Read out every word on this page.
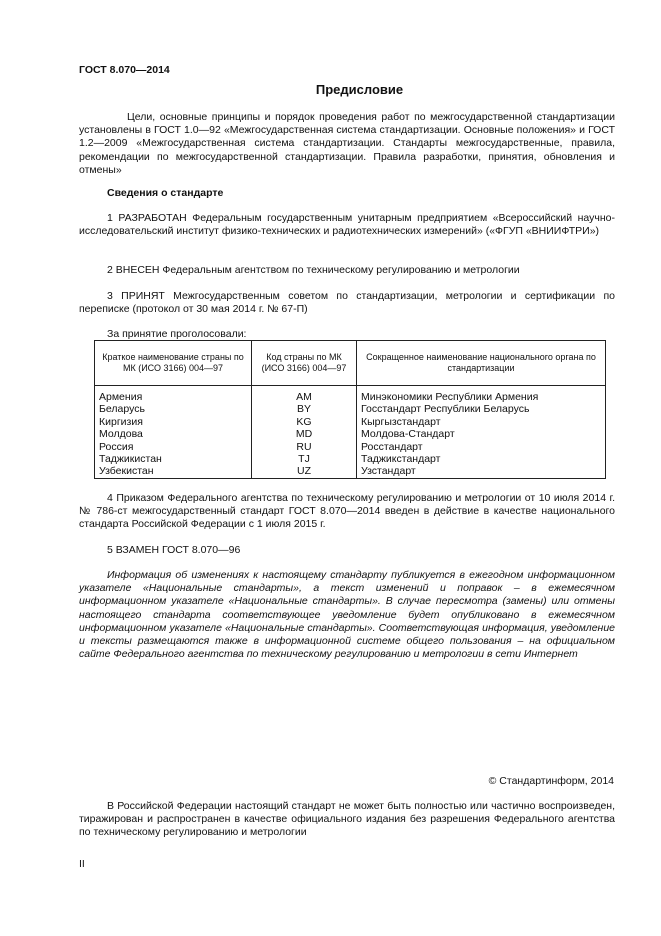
ГОСТ 8.070—2014
Предисловие
Цели, основные принципы и порядок проведения работ по межгосударственной стандартизации установлены в ГОСТ 1.0—92 «Межгосударственная система стандартизации. Основные положения» и ГОСТ 1.2—2009 «Межгосударственная система стандартизации. Стандарты межгосударственные, правила, рекомендации по межгосударственной стандартизации. Правила разработки, принятия, обновления и отмены»
Сведения о стандарте
1 РАЗРАБОТАН Федеральным государственным унитарным предприятием «Всероссийский научно-исследовательский институт физико-технических и радиотехнических измерений» («ФГУП «ВНИИФТРИ»)
2 ВНЕСЕН Федеральным агентством по техническому регулированию и метрологии
3 ПРИНЯТ Межгосударственным советом по стандартизации, метрологии и сертификации по переписке (протокол от 30 мая 2014 г. № 67-П)
За принятие проголосовали:
Краткое наименование страны по МК (ИСО 3166) 004—97	Код страны по МК (ИСО 3166) 004—97	Сокращенное наименование национального органа по стандартизации
Армения	AM	Минэкономики Республики Армения
Беларусь	BY	Госстандарт Республики Беларусь
Киргизия	KG	Кыргызстандарт
Молдова	MD	Молдова-Стандарт
Россия	RU	Росстандарт
Таджикистан	TJ	Таджикстандарт
Узбекистан	UZ	Узстандарт
4 Приказом Федерального агентства по техническому регулированию и метрологии от 10 июля 2014 г. № 786-ст межгосударственный стандарт ГОСТ 8.070—2014 введен в действие в качестве национального стандарта Российской Федерации с 1 июля 2015 г.
5 ВЗАМЕН ГОСТ 8.070—96
Информация об изменениях к настоящему стандарту публикуется в ежегодном информационном указателе «Национальные стандарты», а текст изменений и поправок – в ежемесячном информационном указателе «Национальные стандарты». В случае пересмотра (замены) или отмены настоящего стандарта соответствующее уведомление будет опубликовано в ежемесячном информационном указателе «Национальные стандарты». Соответствующая информация, уведомление и тексты размещаются также в информационной системе общего пользования – на официальном сайте Федерального агентства по техническому регулированию и метрологии в сети Интернет
© Стандартинформ, 2014
В Российской Федерации настоящий стандарт не может быть полностью или частично воспроизведен, тиражирован и распространен в качестве официального издания без разрешения Федерального агентства по техническому регулированию и метрологии
II
